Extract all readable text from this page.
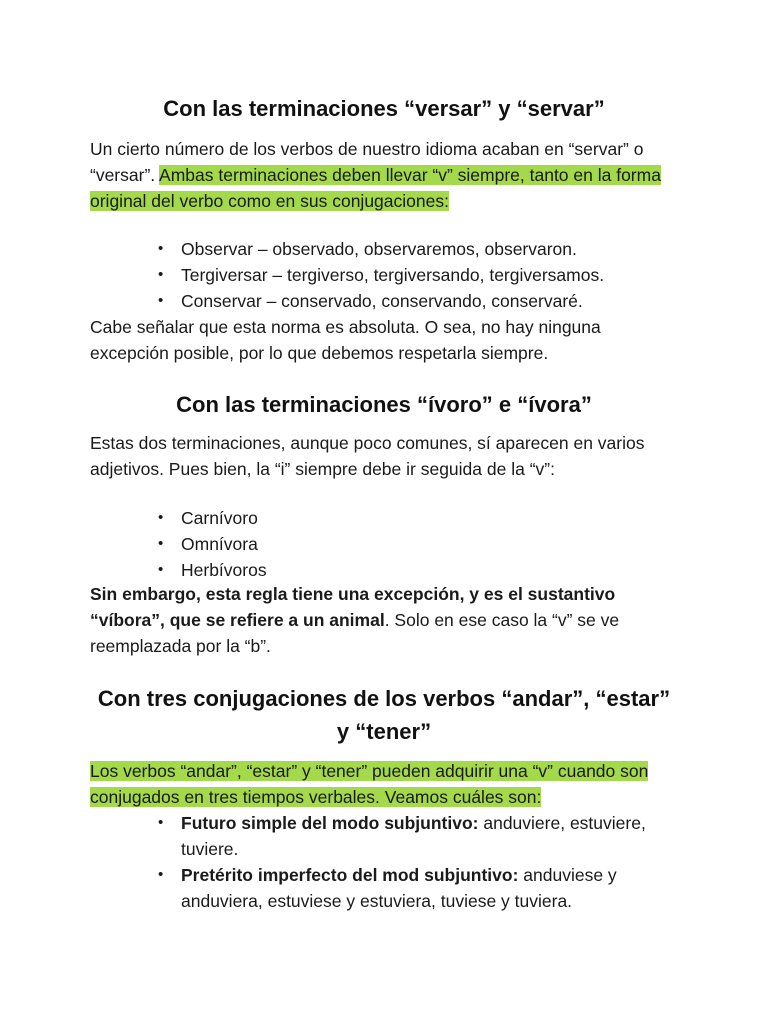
Con las terminaciones “versar” y “servar”

Un cierto número de los verbos de nuestro idioma acaban en “servar” o “versar”. Ambas terminaciones deben llevar “v” siempre, tanto en la forma original del verbo como en sus conjugaciones:

• Observar – observado, observaremos, observaron.
• Tergiversar – tergiverso, tergiversando, tergiversamos.
• Conservar – conservado, conservando, conservaré.

Cabe señalar que esta norma es absoluta. O sea, no hay ninguna excepción posible, por lo que debemos respetarla siempre.

Con las terminaciones “ívoro” e “ívora”

Estas dos terminaciones, aunque poco comunes, sí aparecen en varios adjetivos. Pues bien, la “i” siempre debe ir seguida de la “v”:

• Carnívoro
• Omnívora
• Herbívoros

Sin embargo, esta regla tiene una excepción, y es el sustantivo “víbora”, que se refiere a un animal. Solo en ese caso la “v” se ve reemplazada por la “b”.

Con tres conjugaciones de los verbos “andar”, “estar” y “tener”

Los verbos “andar”, “estar” y “tener” pueden adquirir una “v” cuando son conjugados en tres tiempos verbales. Veamos cuáles son:

• Futuro simple del modo subjuntivo: anduviere, estuviere, tuviere.
• Pretérito imperfecto del mod subjuntivo: anduviese y anduviera, estuviese y estuviera, tuviese y tuviera.
